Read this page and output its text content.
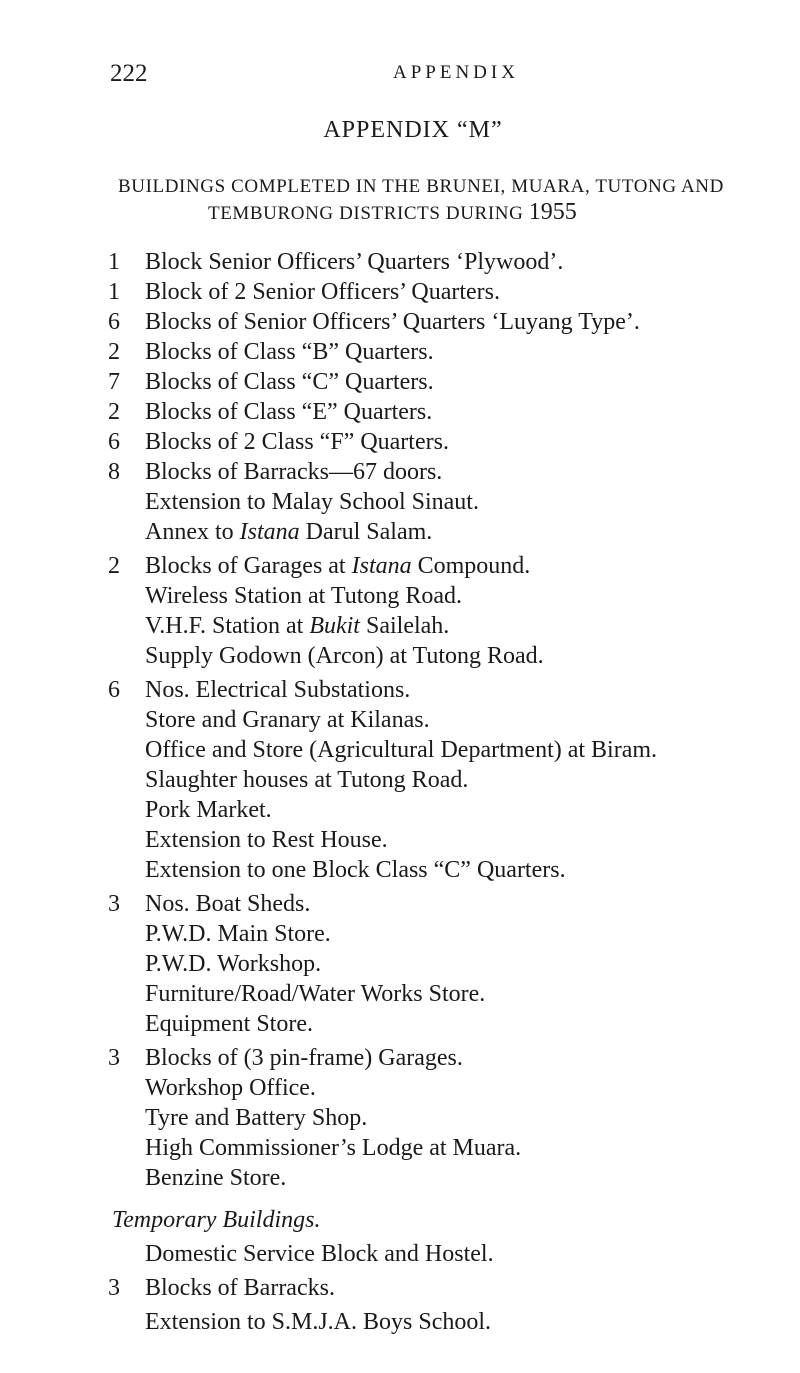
222	APPENDIX
APPENDIX “M”
BUILDINGS COMPLETED IN THE BRUNEI, MUARA, TUTONG AND
TEMBURONG DISTRICTS DURING 1955
1	Block Senior Officers’ Quarters ‘Plywood’.
1	Block of 2 Senior Officers’ Quarters.
6	Blocks of Senior Officers’ Quarters ‘Luyang Type’.
2	Blocks of Class “B” Quarters.
7	Blocks of Class “C” Quarters.
2	Blocks of Class “E” Quarters.
6	Blocks of 2 Class “F” Quarters.
8	Blocks of Barracks—67 doors.
Extension to Malay School Sinaut.
Annex to Istana Darul Salam.
2	Blocks of Garages at Istana Compound.
Wireless Station at Tutong Road.
V.H.F. Station at Bukit Sailelah.
Supply Godown (Arcon) at Tutong Road.
6	Nos. Electrical Substations.
Store and Granary at Kilanas.
Office and Store (Agricultural Department) at Biram.
Slaughter houses at Tutong Road.
Pork Market.
Extension to Rest House.
Extension to one Block Class “C” Quarters.
3	Nos. Boat Sheds.
P.W.D. Main Store.
P.W.D. Workshop.
Furniture/Road/Water Works Store.
Equipment Store.
3	Blocks of (3 pin-frame) Garages.
Workshop Office.
Tyre and Battery Shop.
High Commissioner’s Lodge at Muara.
Benzine Store.
Temporary Buildings.
Domestic Service Block and Hostel.
3	Blocks of Barracks.
Extension to S.M.J.A. Boys School.
